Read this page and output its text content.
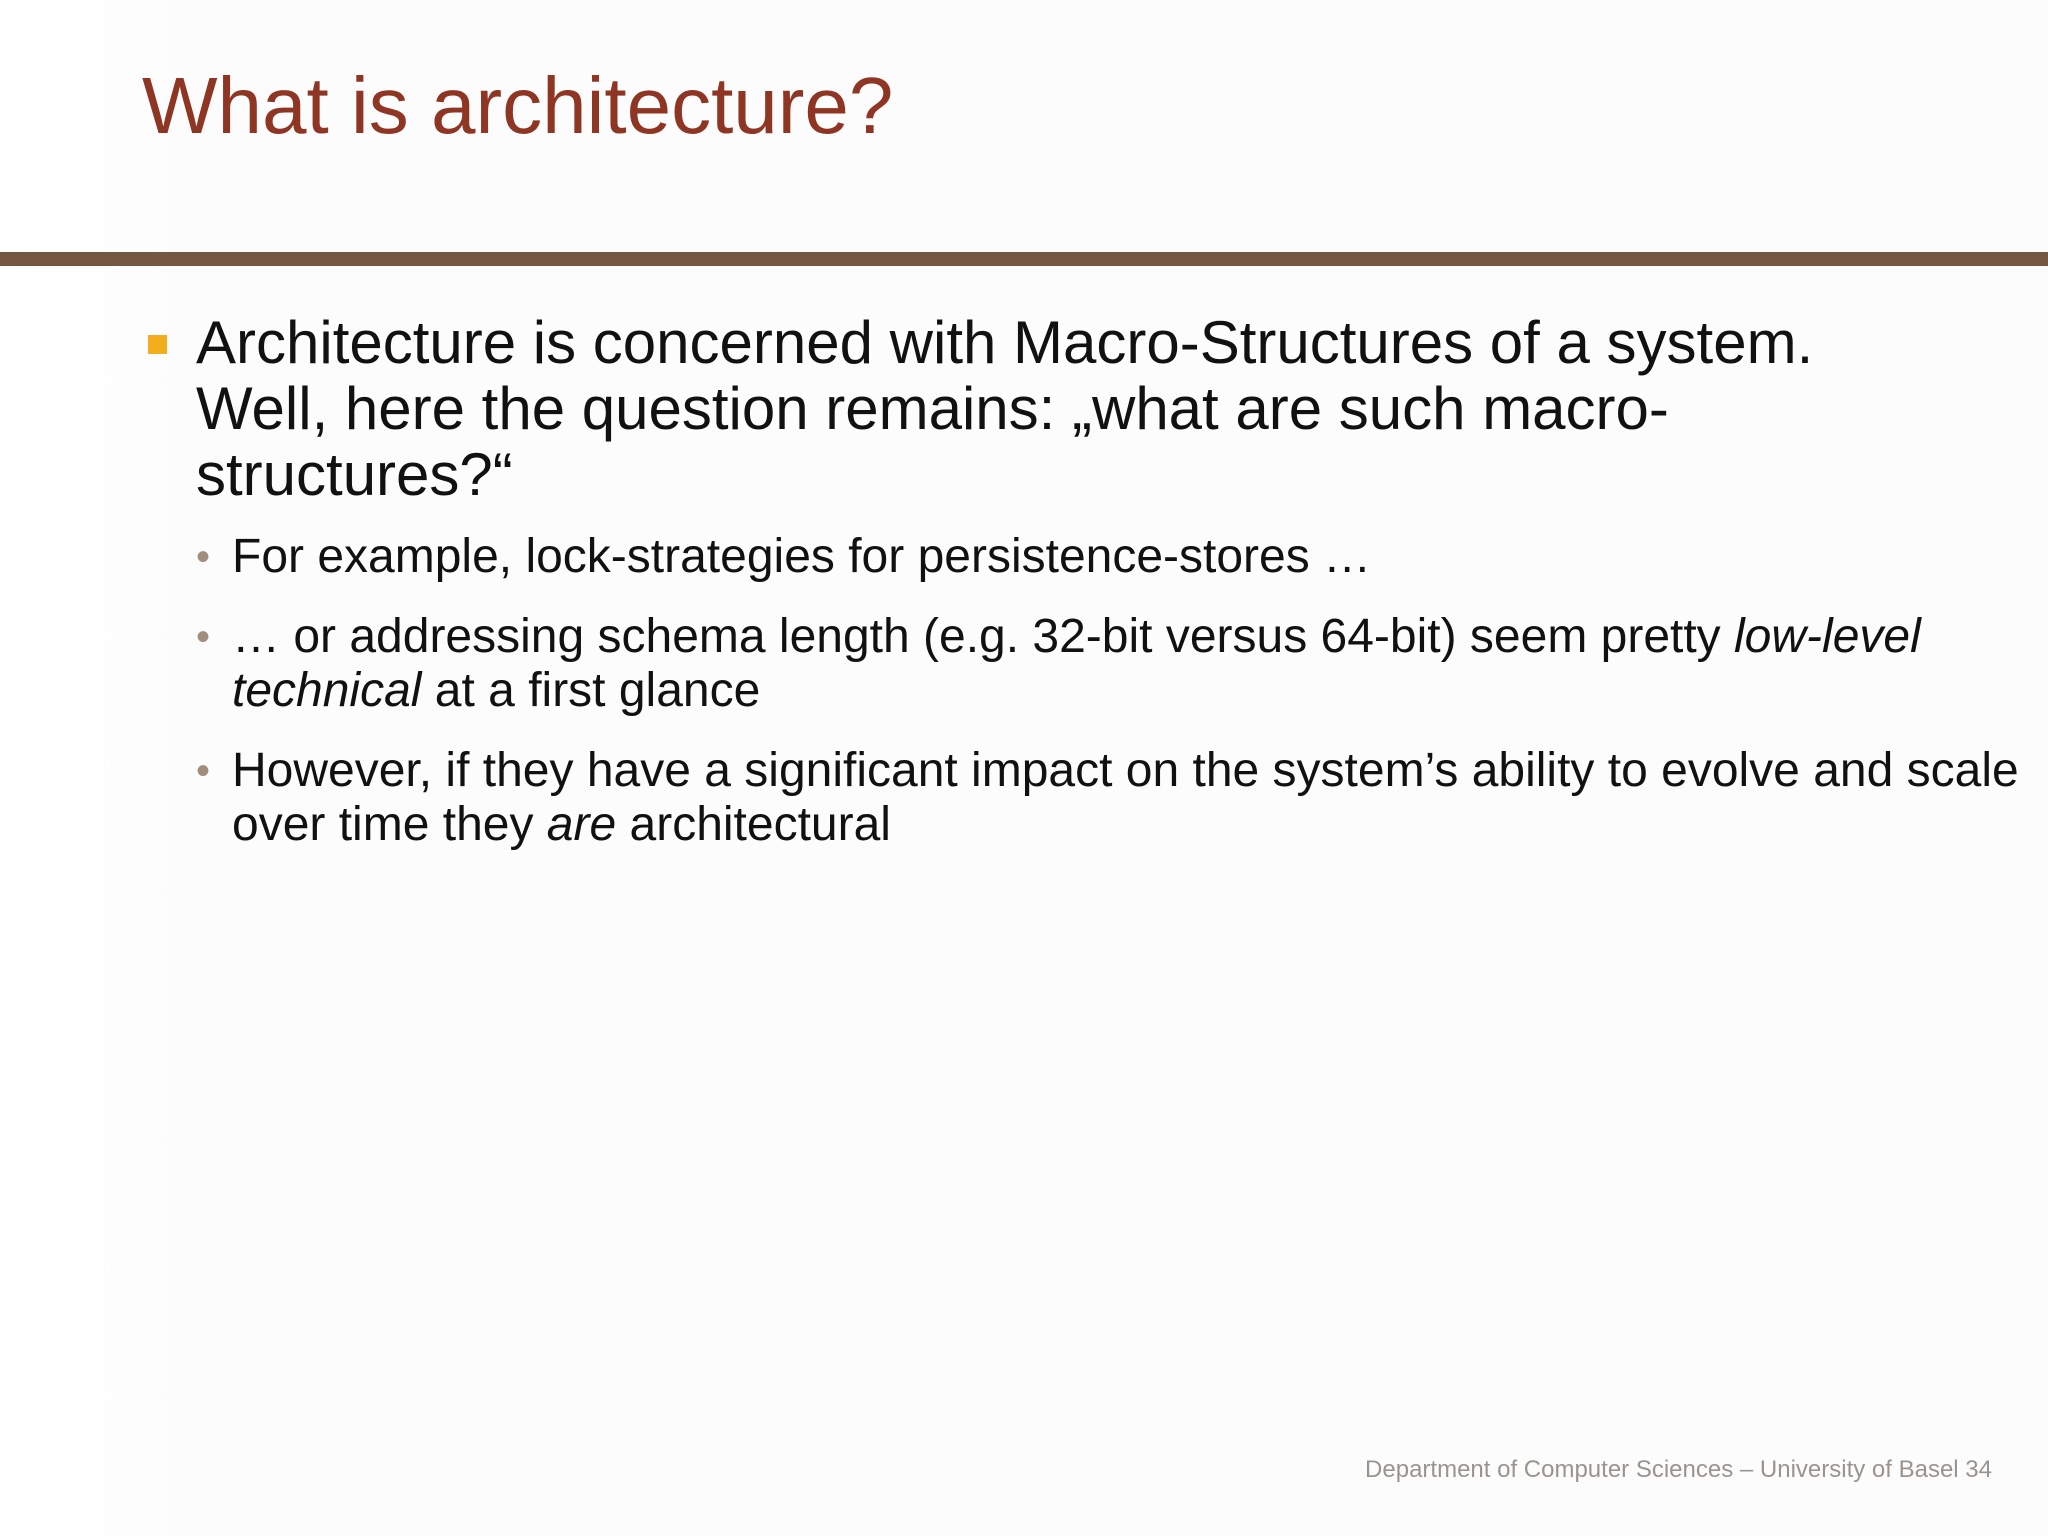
What is architecture?
Architecture is concerned with Macro-Structures of a system. Well, here the question remains: „what are such macro-structures?“
• For example, lock-strategies for persistence-stores …
• … or addressing schema length (e.g. 32-bit versus 64-bit) seem pretty low-level technical at a first glance
• However, if they have a significant impact on the system’s ability to evolve and scale over time they are architectural
Department of Computer Sciences – University of Basel 34
